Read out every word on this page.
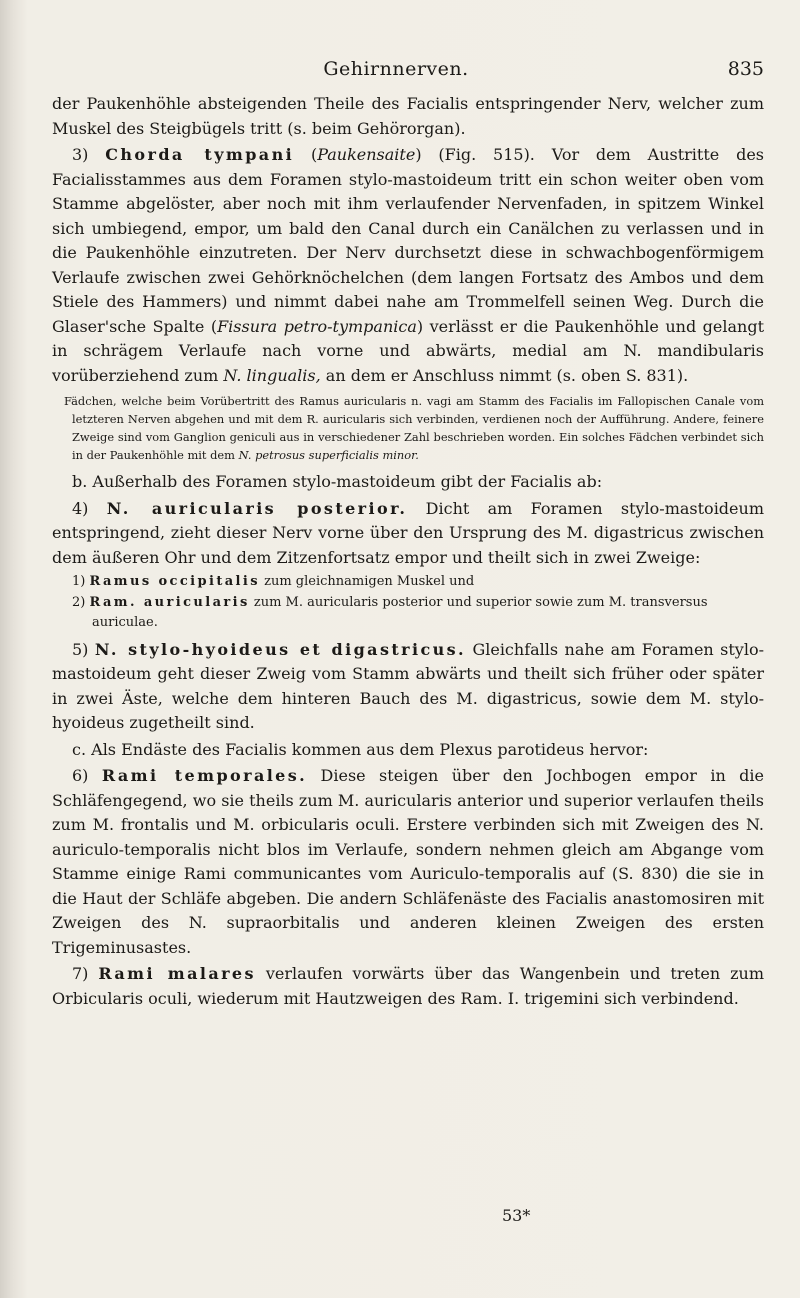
Gehirnnerven.	835

der Paukenhöhle absteigenden Theile des Facialis entspringender Nerv, welcher zum Muskel des Steigbügels tritt (s. beim Gehörorgan).

3) Chorda tympani (Paukensaite) (Fig. 515). Vor dem Austritte des Facialisstammes aus dem Foramen stylo-mastoideum tritt ein schon weiter oben vom Stamme abgelöster, aber noch mit ihm verlaufender Nervenfaden, in spitzem Winkel sich umbiegend, empor, um bald den Canal durch ein Canälchen zu verlassen und in die Paukenhöhle einzutreten. Der Nerv durchsetzt diese in schwachbogenförmigem Verlaufe zwischen zwei Gehörknöchelchen (dem langen Fortsatz des Ambos und dem Stiele des Hammers) und nimmt dabei nahe am Trommelfell seinen Weg. Durch die Glaser'sche Spalte (Fissura petro-tympanica) verlässt er die Paukenhöhle und gelangt in schrägem Verlaufe nach vorne und abwärts, medial am N. mandibularis vorüberziehend zum N. lingualis, an dem er Anschluss nimmt (s. oben S. 831).

Fädchen, welche beim Vorübertritt des Ramus auricularis n. vagi am Stamm des Facialis im Fallopischen Canale vom letzteren Nerven abgehen und mit dem R. auricularis sich verbinden, verdienen noch der Aufführung. Andere, feinere Zweige sind vom Ganglion geniculi aus in verschiedener Zahl beschrieben worden. Ein solches Fädchen verbindet sich in der Paukenhöhle mit dem N. petrosus superficialis minor.

b. Außerhalb des Foramen stylo-mastoideum gibt der Facialis ab:

4) N. auricularis posterior. Dicht am Foramen stylo-mastoideum entspringend, zieht dieser Nerv vorne über den Ursprung des M. digastricus zwischen dem äußeren Ohr und dem Zitzenfortsatz empor und theilt sich in zwei Zweige:

1) Ramus occipitalis zum gleichnamigen Muskel und
2) Ram. auricularis zum M. auricularis posterior und superior sowie zum M. transversus auriculae.

5) N. stylo-hyoideus et digastricus. Gleichfalls nahe am Foramen stylo-mastoideum geht dieser Zweig vom Stamm abwärts und theilt sich früher oder später in zwei Äste, welche dem hinteren Bauch des M. digastricus, sowie dem M. stylo-hyoideus zugetheilt sind.

c. Als Endäste des Facialis kommen aus dem Plexus parotideus hervor:

6) Rami temporales. Diese steigen über den Jochbogen empor in die Schläfengegend, wo sie theils zum M. auricularis anterior und superior verlaufen theils zum M. frontalis und M. orbicularis oculi. Erstere verbinden sich mit Zweigen des N. auriculo-temporalis nicht blos im Verlaufe, sondern nehmen gleich am Abgange vom Stamme einige Rami communicantes vom Auriculo-temporalis auf (S. 830) die sie in die Haut der Schläfe abgeben. Die andern Schläfenäste des Facialis anastomosiren mit Zweigen des N. supraorbitalis und anderen kleinen Zweigen des ersten Trigeminusastes.

7) Rami malares verlaufen vorwärts über das Wangenbein und treten zum Orbicularis oculi, wiederum mit Hautzweigen des Ram. I. trigemini sich verbindend.

53*
